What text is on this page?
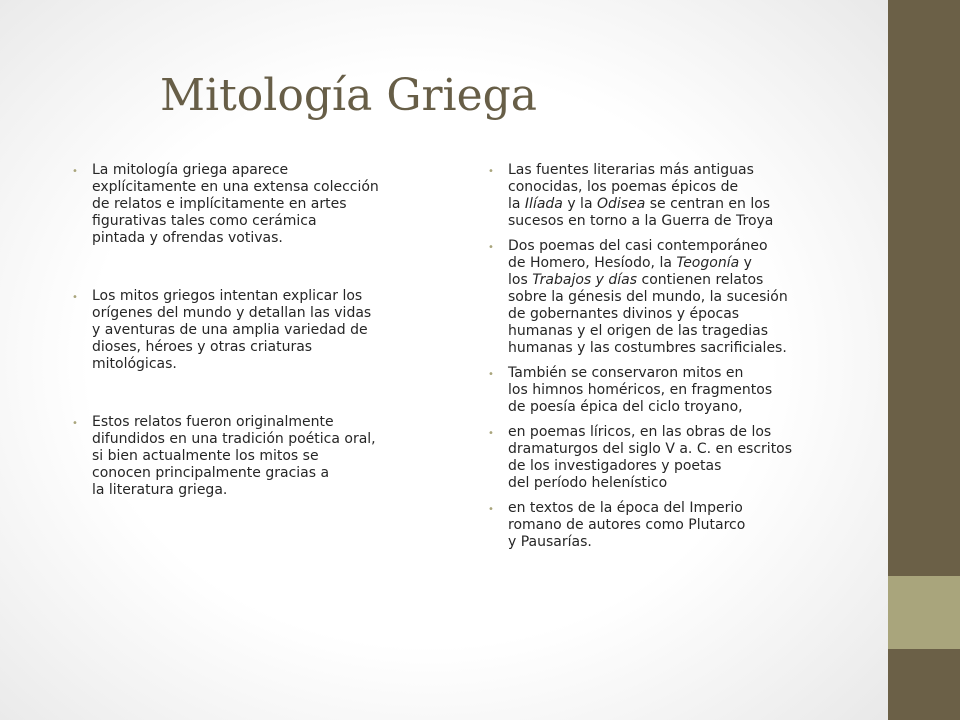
Mitología Griega
• La mitología griega aparece
explícitamente en una extensa colección
de relatos e implícitamente en artes
figurativas tales como cerámica
pintada y ofrendas votivas.
• Los mitos griegos intentan explicar los
orígenes del mundo y detallan las vidas
y aventuras de una amplia variedad de
dioses, héroes y otras criaturas
mitológicas.
• Estos relatos fueron originalmente
difundidos en una tradición poética oral,
si bien actualmente los mitos se
conocen principalmente gracias a
la literatura griega.
• Las fuentes literarias más antiguas
conocidas, los poemas épicos de
la Ilíada y la Odisea se centran en los
sucesos en torno a la Guerra de Troya
• Dos poemas del casi contemporáneo
de Homero, Hesíodo, la Teogonía y
los Trabajos y días contienen relatos
sobre la génesis del mundo, la sucesión
de gobernantes divinos y épocas
humanas y el origen de las tragedias
humanas y las costumbres sacrificiales.
• También se conservaron mitos en
los himnos homéricos, en fragmentos
de poesía épica del ciclo troyano,
• en poemas líricos, en las obras de los
dramaturgos del siglo V a. C. en escritos
de los investigadores y poetas
del período helenístico
• en textos de la época del Imperio
romano de autores como Plutarco
y Pausarías.
